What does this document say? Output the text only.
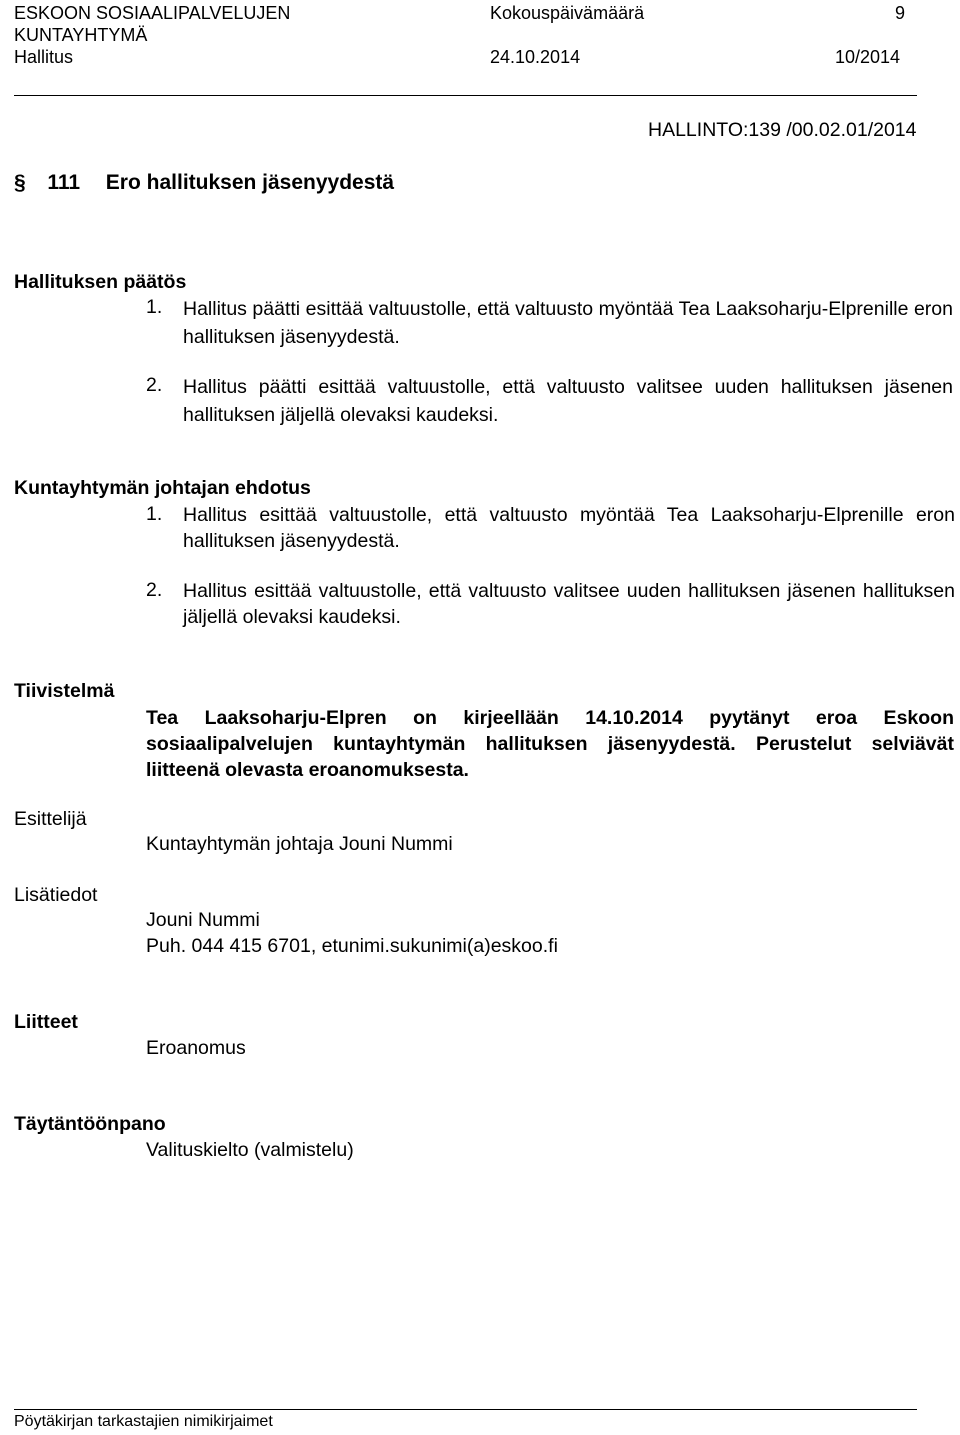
ESKOON SOSIAALIPALVELUJEN
KUNTAYHTYMÄ
Hallitus
Kokouspäivämäärä
24.10.2014
9
10/2014
HALLINTO:139 /00.02.01/2014
§ 111 Ero hallituksen jäsenyydestä
Hallituksen päätös
1. Hallitus päätti esittää valtuustolle, että valtuusto myöntää Tea Laaksoharju-Elprenille eron hallituksen jäsenyydestä.
2. Hallitus päätti esittää valtuustolle, että valtuusto valitsee uuden hallituksen jäsenen hallituksen jäljellä olevaksi kaudeksi.
Kuntayhtymän johtajan ehdotus
1. Hallitus esittää valtuustolle, että valtuusto myöntää Tea Laaksoharju-Elprenille eron hallituksen jäsenyydestä.
2. Hallitus esittää valtuustolle, että valtuusto valitsee uuden hallituksen jäsenen hallituksen jäljellä olevaksi kaudeksi.
Tiivistelmä
Tea Laaksoharju-Elpren on kirjeellään 14.10.2014 pyytänyt eroa Eskoon sosiaalipalvelujen kuntayhtymän hallituksen jäsenyydestä. Perustelut selviävät liitteenä olevasta eroanomuksesta.
Esittelijä
Kuntayhtymän johtaja Jouni Nummi
Lisätiedot
Jouni Nummi
Puh. 044 415 6701, etunimi.sukunimi(a)eskoo.fi
Liitteet
Eroanomus
Täytäntöönpano
Valituskielto (valmistelu)
Pöytäkirjan tarkastajien nimikirjaimet
